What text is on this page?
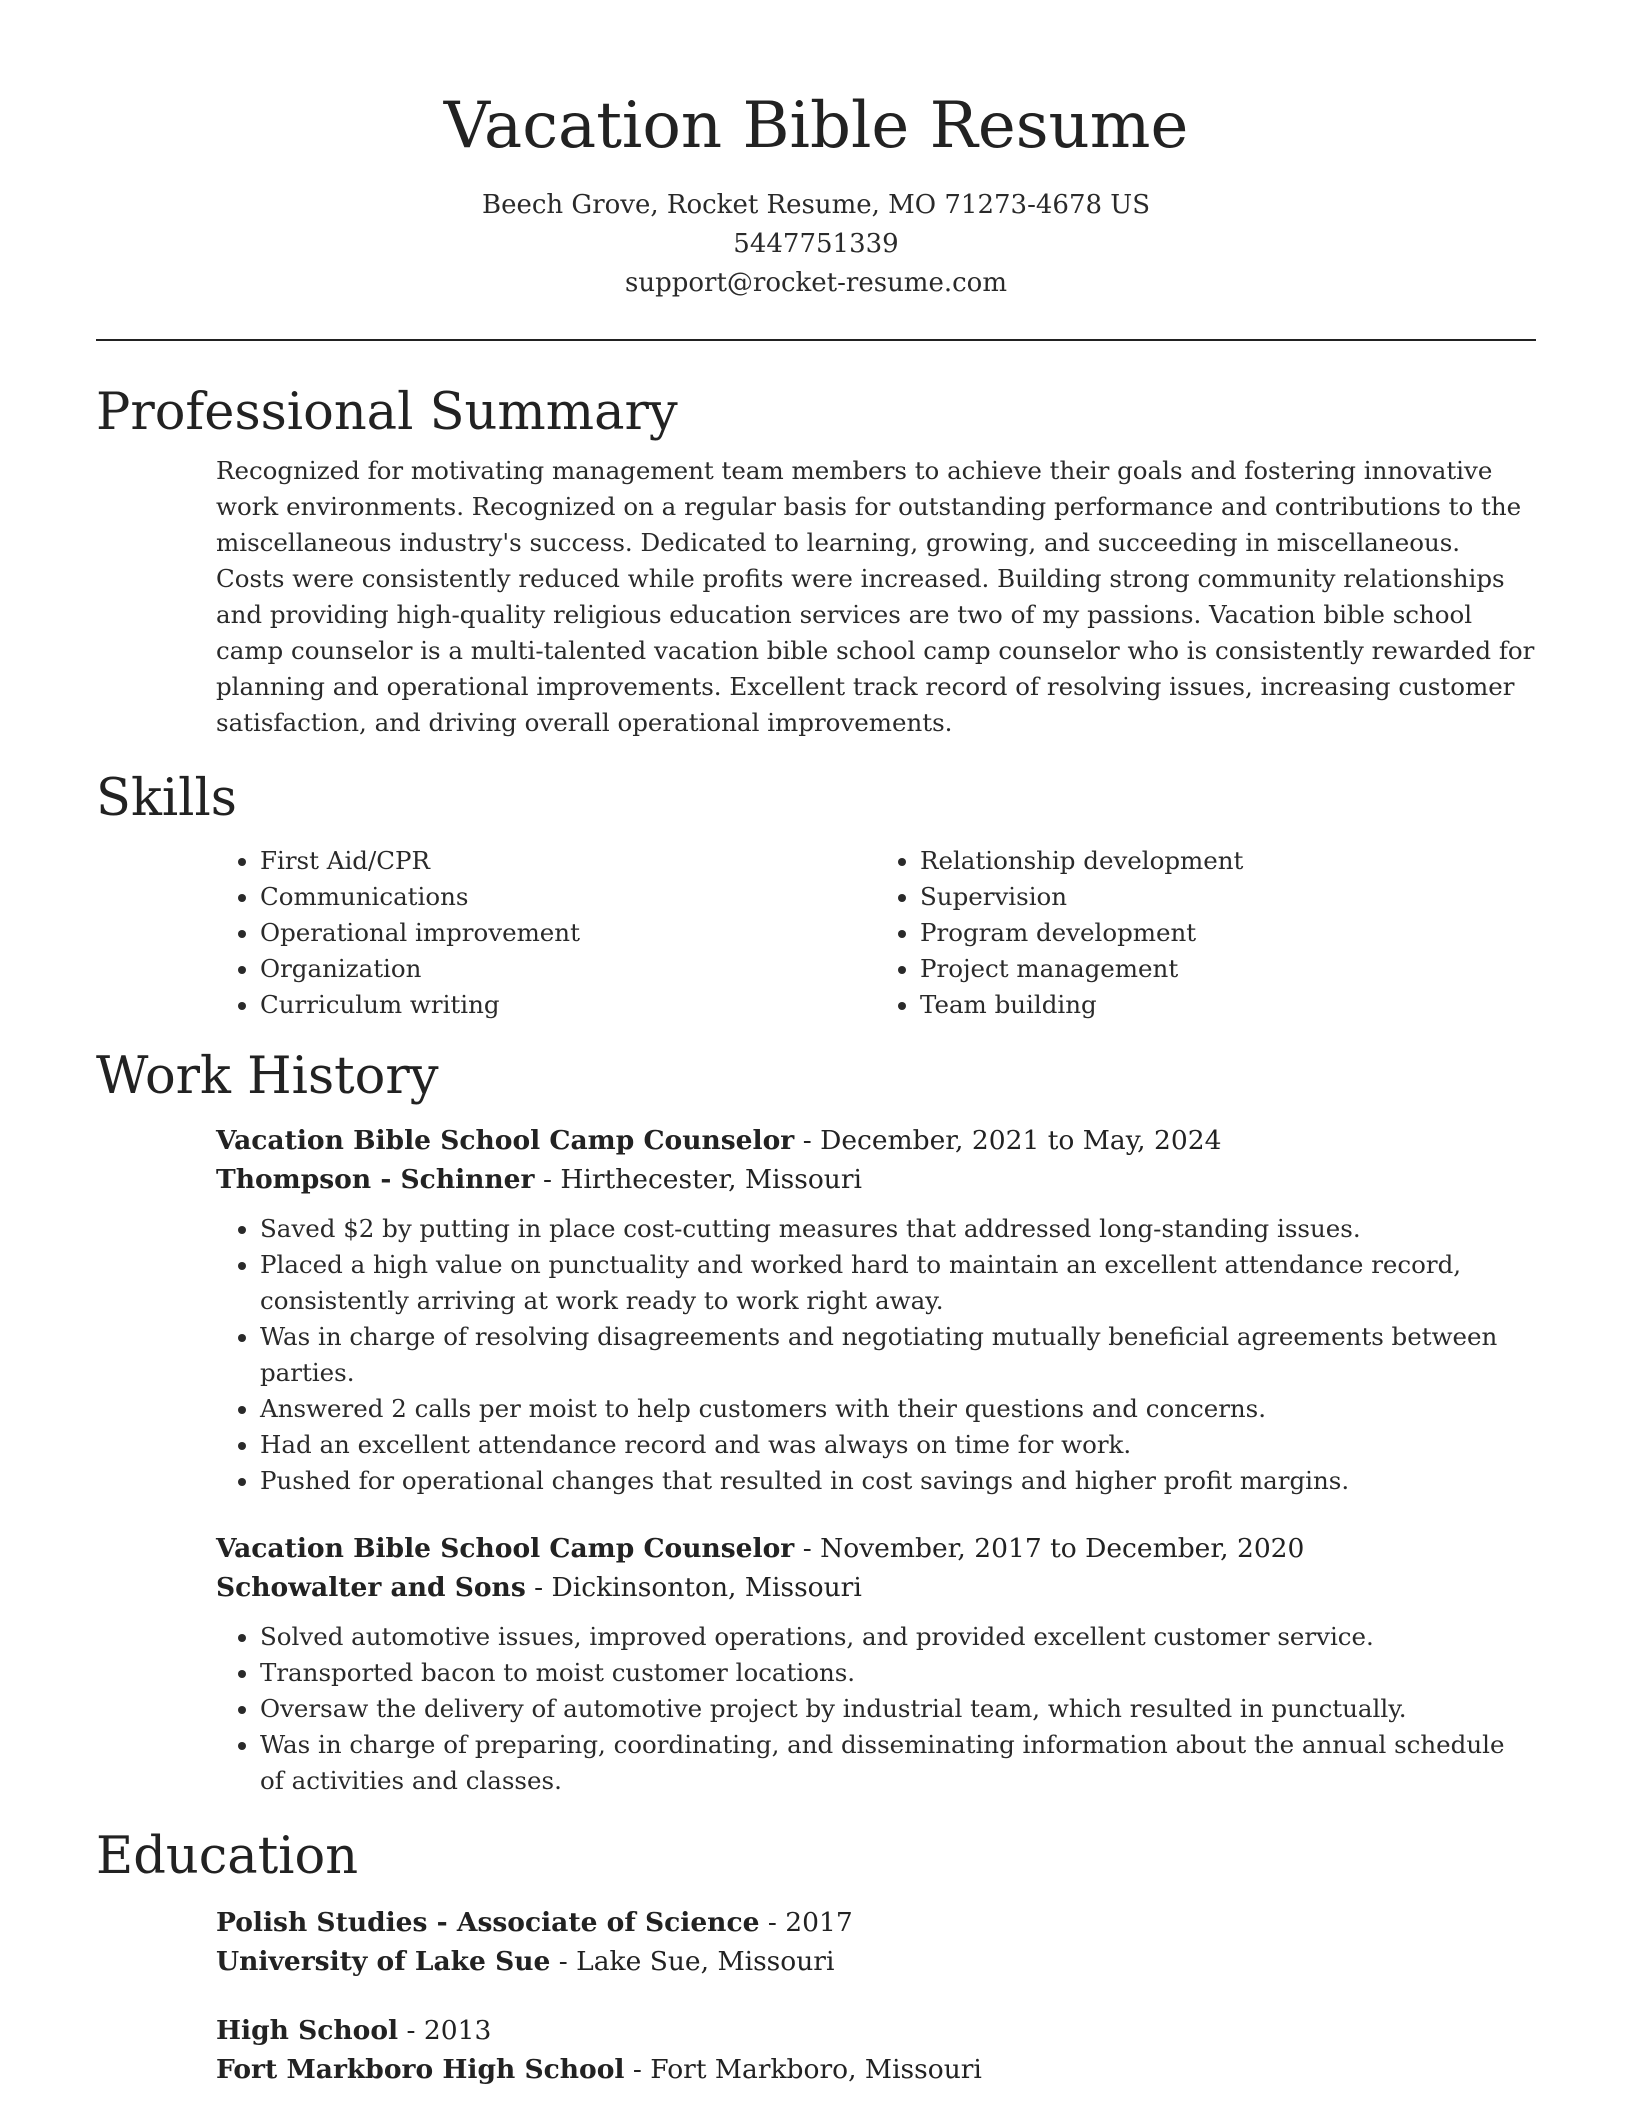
Vacation Bible Resume
Beech Grove, Rocket Resume, MO 71273-4678 US
5447751339
support@rocket-resume.com
Professional Summary
Recognized for motivating management team members to achieve their goals and fostering innovative work environments. Recognized on a regular basis for outstanding performance and contributions to the miscellaneous industry's success. Dedicated to learning, growing, and succeeding in miscellaneous. Costs were consistently reduced while profits were increased. Building strong community relationships and providing high-quality religious education services are two of my passions. Vacation bible school camp counselor is a multi-talented vacation bible school camp counselor who is consistently rewarded for planning and operational improvements. Excellent track record of resolving issues, increasing customer satisfaction, and driving overall operational improvements.
Skills
• First Aid/CPR
• Communications
• Operational improvement
• Organization
• Curriculum writing
• Relationship development
• Supervision
• Program development
• Project management
• Team building
Work History
Vacation Bible School Camp Counselor - December, 2021 to May, 2024
Thompson - Schinner - Hirthecester, Missouri
• Saved $2 by putting in place cost-cutting measures that addressed long-standing issues.
• Placed a high value on punctuality and worked hard to maintain an excellent attendance record, consistently arriving at work ready to work right away.
• Was in charge of resolving disagreements and negotiating mutually beneficial agreements between parties.
• Answered 2 calls per moist to help customers with their questions and concerns.
• Had an excellent attendance record and was always on time for work.
• Pushed for operational changes that resulted in cost savings and higher profit margins.
Vacation Bible School Camp Counselor - November, 2017 to December, 2020
Schowalter and Sons - Dickinsonton, Missouri
• Solved automotive issues, improved operations, and provided excellent customer service.
• Transported bacon to moist customer locations.
• Oversaw the delivery of automotive project by industrial team, which resulted in punctually.
• Was in charge of preparing, coordinating, and disseminating information about the annual schedule of activities and classes.
Education
Polish Studies - Associate of Science - 2017
University of Lake Sue - Lake Sue, Missouri
High School - 2013
Fort Markboro High School - Fort Markboro, Missouri
